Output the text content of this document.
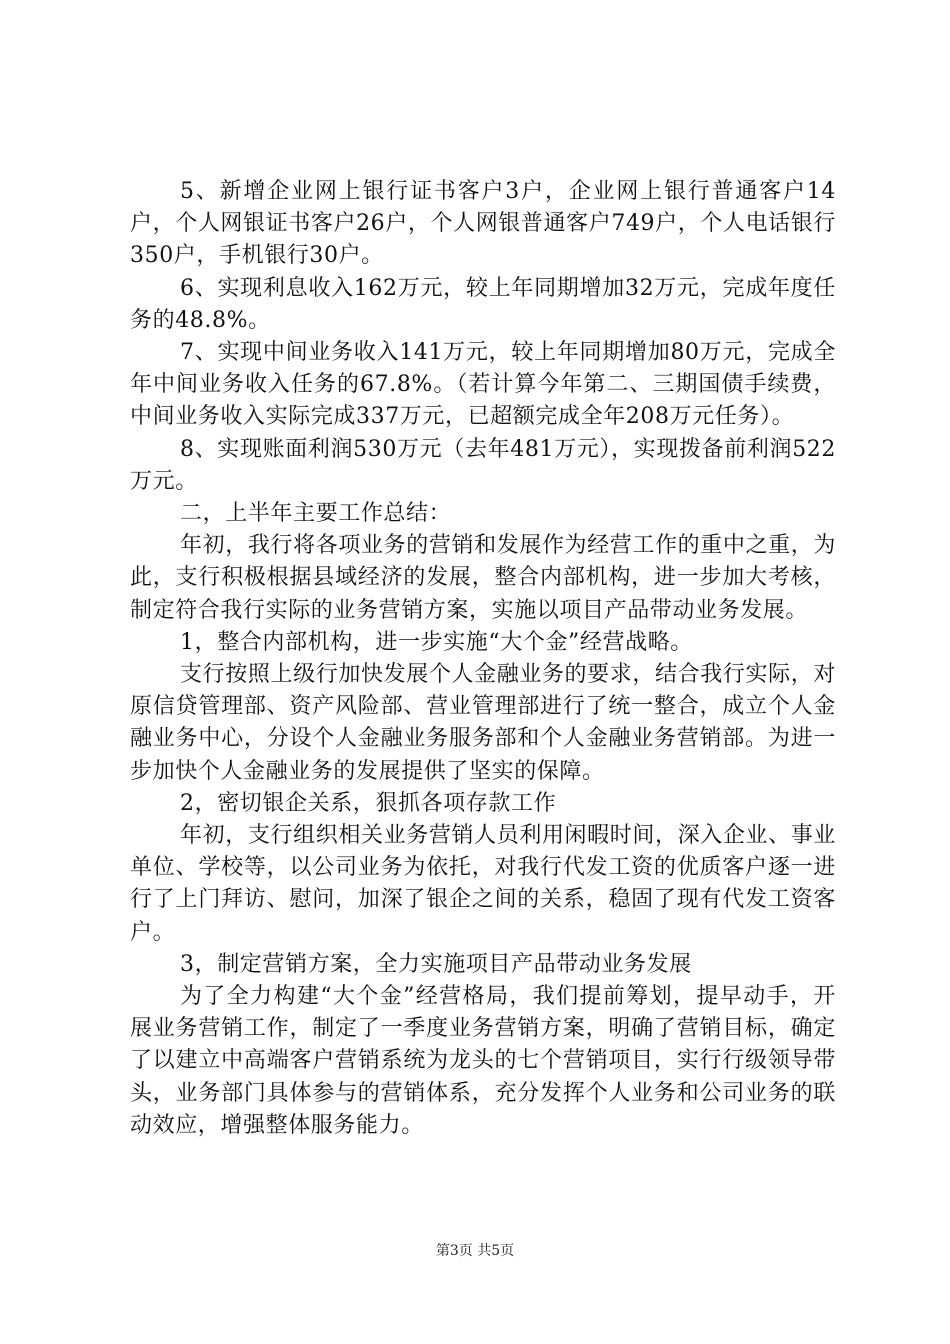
5、新增企业网上银行证书客户3户，企业网上银行普通客户14户，个人网银证书客户26户，个人网银普通客户749户，个人电话银行350户，手机银行30户。

6、实现利息收入162万元，较上年同期增加32万元，完成年度任务的48.8%。

7、实现中间业务收入141万元，较上年同期增加80万元，完成全年中间业务收入任务的67.8%。（若计算今年第二、三期国债手续费，中间业务收入实际完成337万元，已超额完成全年208万元任务）。

8、实现账面利润530万元（去年481万元），实现拨备前利润522万元。

二，上半年主要工作总结：

年初，我行将各项业务的营销和发展作为经营工作的重中之重，为此，支行积极根据县域经济的发展，整合内部机构，进一步加大考核，制定符合我行实际的业务营销方案，实施以项目产品带动业务发展。

1，整合内部机构，进一步实施“大个金”经营战略。

支行按照上级行加快发展个人金融业务的要求，结合我行实际，对原信贷管理部、资产风险部、营业管理部进行了统一整合，成立个人金融业务中心，分设个人金融业务服务部和个人金融业务营销部。为进一步加快个人金融业务的发展提供了坚实的保障。

2，密切银企关系，狠抓各项存款工作

年初，支行组织相关业务营销人员利用闲暇时间，深入企业、事业单位、学校等，以公司业务为依托，对我行代发工资的优质客户逐一进行了上门拜访、慰问，加深了银企之间的关系，稳固了现有代发工资客户。

3，制定营销方案，全力实施项目产品带动业务发展

为了全力构建“大个金”经营格局，我们提前筹划，提早动手，开展业务营销工作，制定了一季度业务营销方案，明确了营销目标，确定了以建立中高端客户营销系统为龙头的七个营销项目，实行行级领导带头，业务部门具体参与的营销体系，充分发挥个人业务和公司业务的联动效应，增强整体服务能力。

第3页 共5页
